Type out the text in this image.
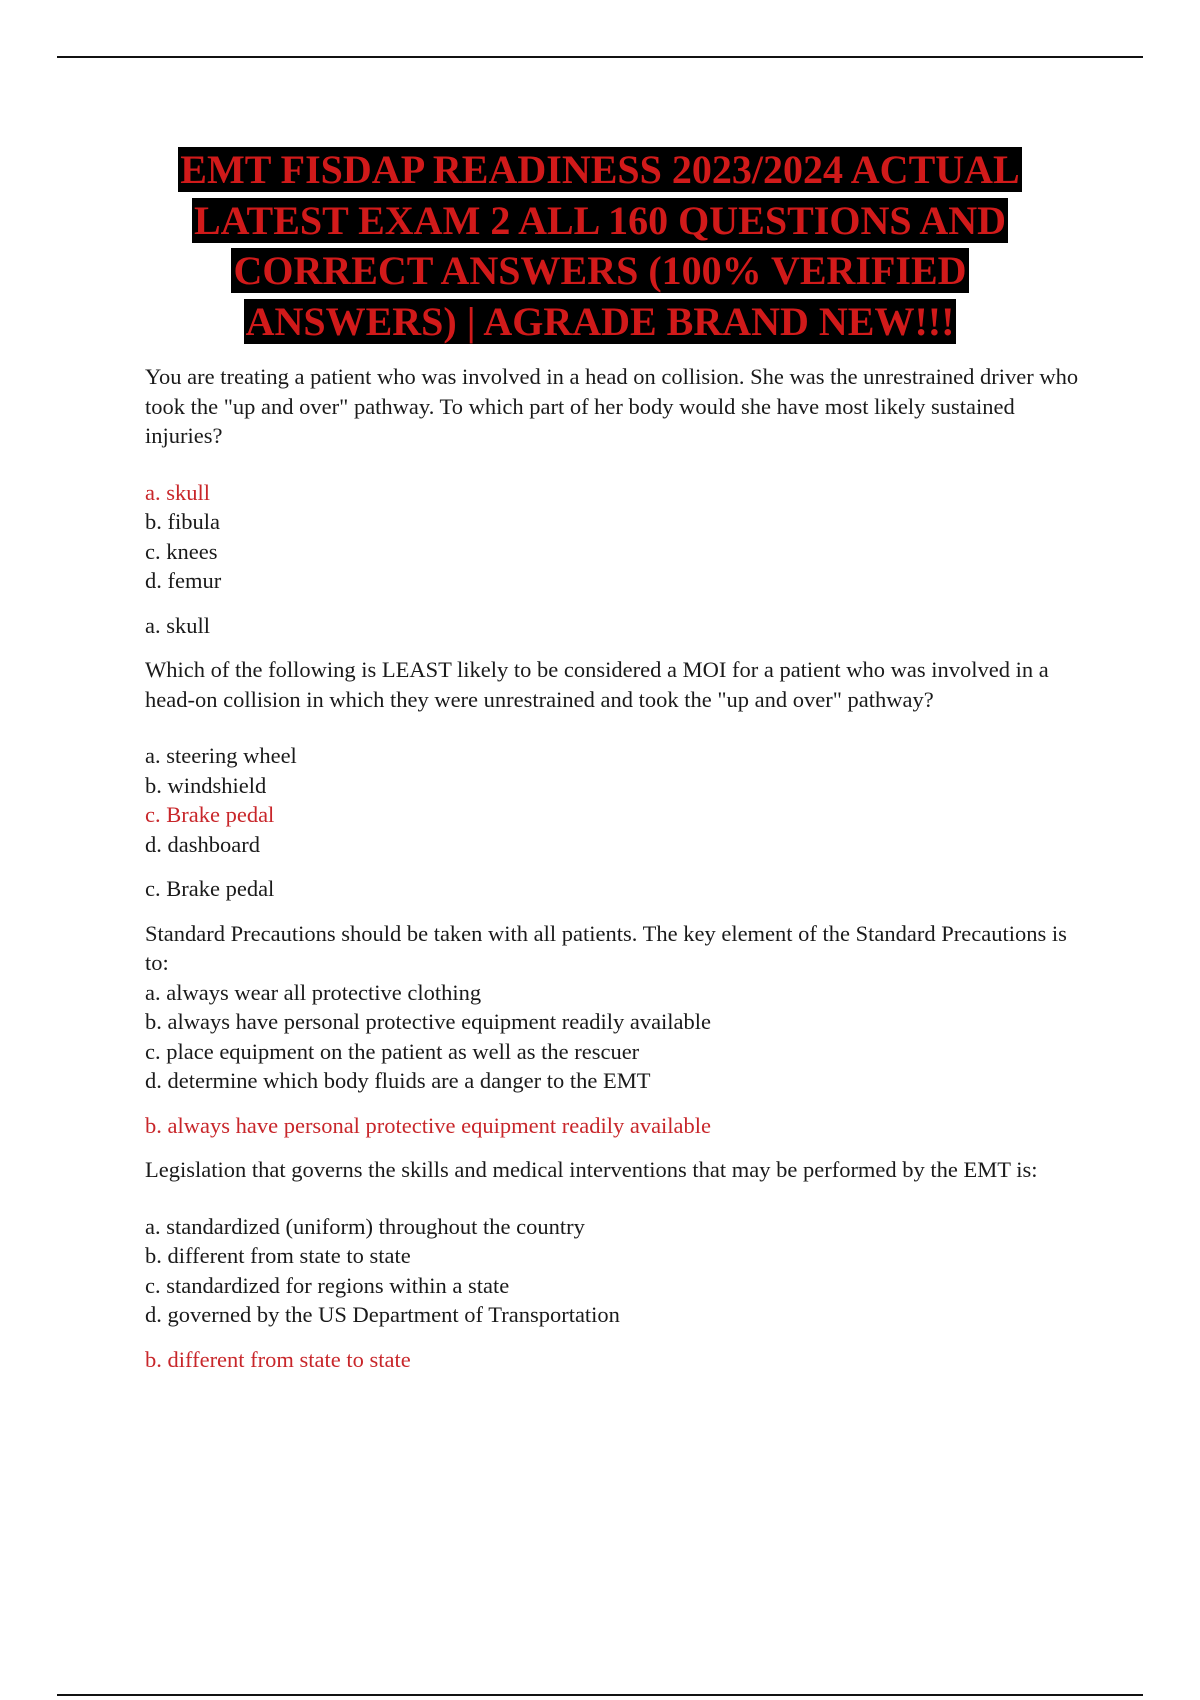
EMT FISDAP READINESS 2023/2024 ACTUAL
LATEST EXAM 2 ALL 160 QUESTIONS AND
CORRECT ANSWERS (100% VERIFIED
ANSWERS) | AGRADE BRAND NEW!!!

You are treating a patient who was involved in a head on collision. She was the unrestrained driver who took the "up and over" pathway. To which part of her body would she have most likely sustained injuries?

a. skull

b. fibula

c. knees

d. femur

a. skull

Which of the following is LEAST likely to be considered a MOI for a patient who was involved in a head-on collision in which they were unrestrained and took the "up and over" pathway?

a. steering wheel

b. windshield

c. Brake pedal

d. dashboard

c. Brake pedal

Standard Precautions should be taken with all patients. The key element of the Standard Precautions is to:

a. always wear all protective clothing

b. always have personal protective equipment readily available

c. place equipment on the patient as well as the rescuer

d. determine which body fluids are a danger to the EMT

b. always have personal protective equipment readily available

Legislation that governs the skills and medical interventions that may be performed by the EMT is:

a. standardized (uniform) throughout the country

b. different from state to state

c. standardized for regions within a state

d. governed by the US Department of Transportation

b. different from state to state
